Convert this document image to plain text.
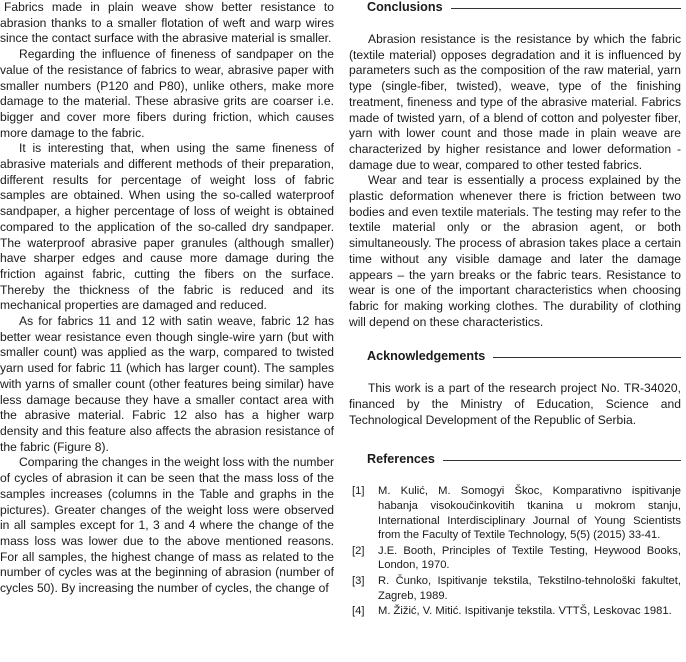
Fabrics made in plain weave show better resistance to abrasion thanks to a smaller flotation of weft and warp wires since the contact surface with the abrasive material is smaller.

Regarding the influence of fineness of sandpaper on the value of the resistance of fabrics to wear, abrasive paper with smaller numbers (P120 and P80), unlike others, make more damage to the material. These abrasive grits are coarser i.e. bigger and cover more fibers during friction, which causes more damage to the fabric.

It is interesting that, when using the same fineness of abrasive materials and different methods of their preparation, different results for percentage of weight loss of fabric samples are obtained. When using the so-called waterproof sandpaper, a higher percentage of loss of weight is obtained compared to the application of the so-called dry sandpaper. The waterproof abrasive paper granules (although smaller) have sharper edges and cause more damage during the friction against fabric, cutting the fibers on the surface. Thereby the thickness of the fabric is reduced and its mechanical properties are damaged and reduced.

As for fabrics 11 and 12 with satin weave, fabric 12 has better wear resistance even though single-wire yarn (but with smaller count) was applied as the warp, compared to twisted yarn used for fabric 11 (which has larger count). The samples with yarns of smaller count (other features being similar) have less damage because they have a smaller contact area with the abrasive material. Fabric 12 also has a higher warp density and this feature also affects the abrasion resistance of the fabric (Figure 8).

Comparing the changes in the weight loss with the number of cycles of abrasion it can be seen that the mass loss of the samples increases (columns in the Table and graphs in the pictures). Greater changes of the weight loss were observed in all samples except for 1, 3 and 4 where the change of the mass loss was lower due to the above mentioned reasons. For all samples, the highest change of mass as related to the number of cycles was at the beginning of abrasion (number of cycles 50). By increasing the number of cycles, the change of

Conclusions

Abrasion resistance is the resistance by which the fabric (textile material) opposes degradation and it is influenced by parameters such as the composition of the raw material, yarn type (single-fiber, twisted), weave, type of the finishing treatment, fineness and type of the abrasive material. Fabrics made of twisted yarn, of a blend of cotton and polyester fiber, yarn with lower count and those made in plain weave are characterized by higher resistance and lower deformation - damage due to wear, compared to other tested fabrics.

Wear and tear is essentially a process explained by the plastic deformation whenever there is friction between two bodies and even textile materials. The testing may refer to the textile material only or the abrasion agent, or both simultaneously. The process of abrasion takes place a certain time without any visible damage and later the damage appears – the yarn breaks or the fabric tears. Resistance to wear is one of the important characteristics when choosing fabric for making working clothes. The durability of clothing will depend on these characteristics.

Acknowledgements

This work is a part of the research project No. TR-34020, financed by the Ministry of Education, Science and Technological Development of the Republic of Serbia.

References
[1]	M. Kulić, M. Somogyi Škoc, Komparativno ispitivanje habanja visokoučinkovitih tkanina u mokrom stanju, International Interdisciplinary Journal of Young Scientists from the Faculty of Textile Technology, 5(5) (2015) 33-41.
[2]	J.E. Booth, Principles of Textile Testing, Heywood Books, London, 1970.
[3]	R. Čunko, Ispitivanje tekstila, Tekstilno-tehnološki fakultet, Zagreb, 1989.
[4]	M. Žižić, V. Mitić. Ispitivanje tekstila. VTTŠ, Leskovac 1981.
